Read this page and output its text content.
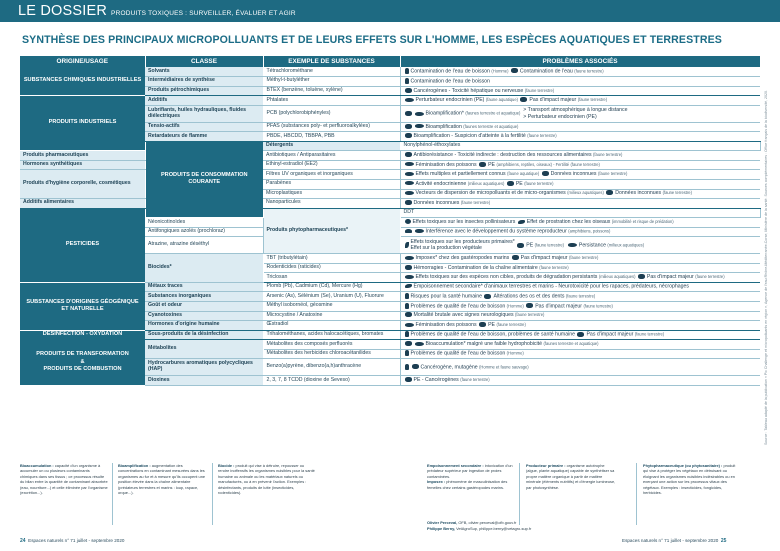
LE DOSSIER PRODUITS TOXIQUES : SURVEILLER, ÉVALUER ET AGIR
SYNTHÈSE DES PRINCIPAUX MICROPOLLUANTS ET DE LEURS EFFETS SUR L'HOMME, LES ESPÈCES AQUATIQUES ET TERRESTRES
Source : Tableau adapté de la publication « Pic Challenge et micropolluants en région », Agence de l'eau Rhône-Méditerranée-Corse, Ministère de la santé. Sources complémentaires : Office français de la biodiversité, 2020.
ORIGINE/USAGE	CLASSE	EXEMPLE DE SUBSTANCES	PROBLÈMES ASSOCIÉS	
SUBSTANCES CHIMIQUES INDUSTRIELLES	Solvants	Tétrachlorométhane	Contamination de l'eau de boisson (Homme) Contamination de l'eau (faune terrestre)	
	Intermédiaires de synthèse	Méthyl-t-butyléther	Contamination de l'eau de boisson	
	Produits pétrochimiques	BTEX (benzène, toluène, xylène)	Cancérogènes - Toxicité hépatique ou nerveuse (faune terrestre)	
PRODUITS INDUSTRIELS	Additifs	Phtalates	Perturbateur endocrinien (PE) (faune aquatique) Pas d'impact majeur (faune terrestre)	
	Lubrifiants, huiles hydrauliques, fluides diélectriques	PCB (polychlorobiphényles)	Bioamplification* (faunes terrestre et aquatique)
> Transport atmosphérique à longue distance
> Perturbateur endocrinien (PE)	

	Tensio-actifs	PFAS (substances poly- et perfluoroalkylées)	Bioamplification (faunes terrestre et aquatique)	
	Retardateurs de flamme	PBDE, HBCDD, TBBPA, PBB	Bioamplification - Suspicion d'atteinte à la fertilité (faune terrestre)	
	PRODUITS DE CONSOMMATION COURANTE	Détergents	Nonylphénol-éthoxylates	
Produits pharmaceutiques		Antibiotiques / Antiparasitaires	Antibiorésistance - Toxicité indirecte : destruction des ressources alimentaires (faune terrestre)	
Hormones synthétiques		Ethinyl-estradiol (EE2)	Féminisation des poissons PE (amphibiens, reptiles, oiseaux) - Fertilité (faune terrestre)	
Produits d'hygiène corporelle, cosmétiques		Filtres UV organiques et inorganiques	Effets multiples et partiellement connus (faune aquatique) Données inconnues (faune terrestre)	
		Parabènes	Activité endocrinienne (milieux aquatiques) PE (faune terrestre)	
		Microplastiques	Vecteurs de dispersion de micropolluants et de micro-organismes (milieux aquatiques) Données inconnues (faune terrestre)	
Additifs alimentaires		Nanoparticules	Données inconnues (faune terrestre)	
PESTICIDES		Produits phytopharmaceutiques*	DDT	
	Néonicotinoïdes		Effets toxiques sur les insectes pollinisateurs Effet de prostration chez les oiseaux (immobilité et risque de prédation)	
	Antifongiques azolés (prochloraz)		Interférence avec le développement du système reproducteur (amphibiens, poissons)	
	Atrazine, atrazine déséthyl		Effets toxiques sur les producteurs primaires*
Effet sur la production végétale PE (faune terrestre) Persistance (milieux aquatiques)	
	Biocides*	TBT (tributylétain)	Imposex* chez des gastéropodes marins Pas d'impact majeur (faune terrestre)	
		Rodenticides (raticides)	Hémorragies - Contamination de la chaîne alimentaire (faune terrestre)	
		Triclosan	Effets toxiques sur des espèces non cibles, produits de dégradation persistants (milieux aquatiques) Pas d'impact majeur (faune terrestre)	
SUBSTANCES D'ORIGINES GÉOGÉNIQUE ET NATURELLE	Métaux traces	Plomb (Pb), Cadmium (Cd), Mercure (Hg)	Empoisonnement secondaire* d'animaux terrestres et marins - Neurotoxicité pour les rapaces, prédateurs, nécrophages	
	Substances inorganiques	Arsenic (As), Sélénium (Se), Uranium (U), Fluorure	Risques pour la santé humaine Altérations des os et des dents (faune terrestre)	
	Goût et odeur	Méthyl isobornéol, géosmine	Problèmes de qualité de l'eau de boisson (Homme) Pas d'impact majeur (faune terrestre)	
	Cyanotoxines	Microcystine / Anatoxine	Mortalité brutale avec signes neurologiques (faune terrestre)	
	Hormones d'origine humaine	Œstradiol	Féminisation des poissons PE (faune terrestre)	
DÉSINFECTION - OXYDATION	Sous-produits de la désinfection	Trihalométhanes, acides halocacétiques, bromates	Problèmes de qualité de l'eau de boisson, problèmes de santé humaine Pas d'impact majeur (faune terrestre)	

PRODUITS DE TRANSFORMATION
&
PRODUITS DE COMBUSTION	Métabolites	Métabolites des composés perfluorés	Bioaccumulation* malgré une faible hydrophobicité (faunes terrestre et aquatique)	
		Métabolites des herbicides chloroacétanilides	Problèmes de qualité de l'eau de boisson (Homme)	
	Hydrocarbures aromatiques polycycliques (HAP)	Benzo(a)pyrène, dibenzo(a,h)anthracène	Cancérogène, mutagène (Homme et faune sauvage)	
	Dioxines	2, 3, 7, 8 TCDD (dioxine de Seveso)	PE - Cancérogènes (faune terrestre)	
Bioaccumulation : capacité d'un organisme à accumuler un ou plusieurs contaminants chimiques dans ses tissus ; ce processus résulte du bilan entre la quantité de contaminant absorbée (eau, nourriture...) et celle éliminée par l'organisme (excrétion...).
Bioamplification : augmentation des concentrations en contaminant mesurées dans les organismes au fur et à mesure qu'ils occupent une position élevée dans la chaîne alimentaire (prédateurs terrestres et marins : loup, rapace, orque...).
Biocide : produit qui vise à détruire, repousser ou rendre inoffensifs les organismes nuisibles pour la santé humaine ou animale ou les matériaux naturels ou manufacturés, ou à en prévenir l'action. Exemples : désinfectants, produits de lutte (insecticides, rodenticides).
Empoisonnement secondaire : intoxication d'un prédateur supérieur par ingestion de proies contaminées.
Imposex : phénomène de masculinisation des femelles chez certains gastéropodes marins.
Producteur primaire : organisme autotrophe (algue, plante aquatique) capable de synthétiser sa propre matière organique à partir de matière minérale (éléments nutritifs) et d'énergie lumineuse, par photosynthèse.
Phytopharmaceutique (ou phytosanitaire) : produit qui vise à protéger les végétaux en détruisant ou éloignant les organismes nuisibles indésirables ou en exerçant une action sur les processus vitaux des végétaux. Exemples : insecticides, fongicides, herbicides.
Olivier Perceval, OFB, olivier.perceval@ofb.gouv.fr
Philippe Berny, VetAgroSup, philippe.berny@vetagro-sup.fr
24 Espaces naturels n° 71 juillet - septembre 2020	Espaces naturels n° 71 juillet - septembre 2020 25
